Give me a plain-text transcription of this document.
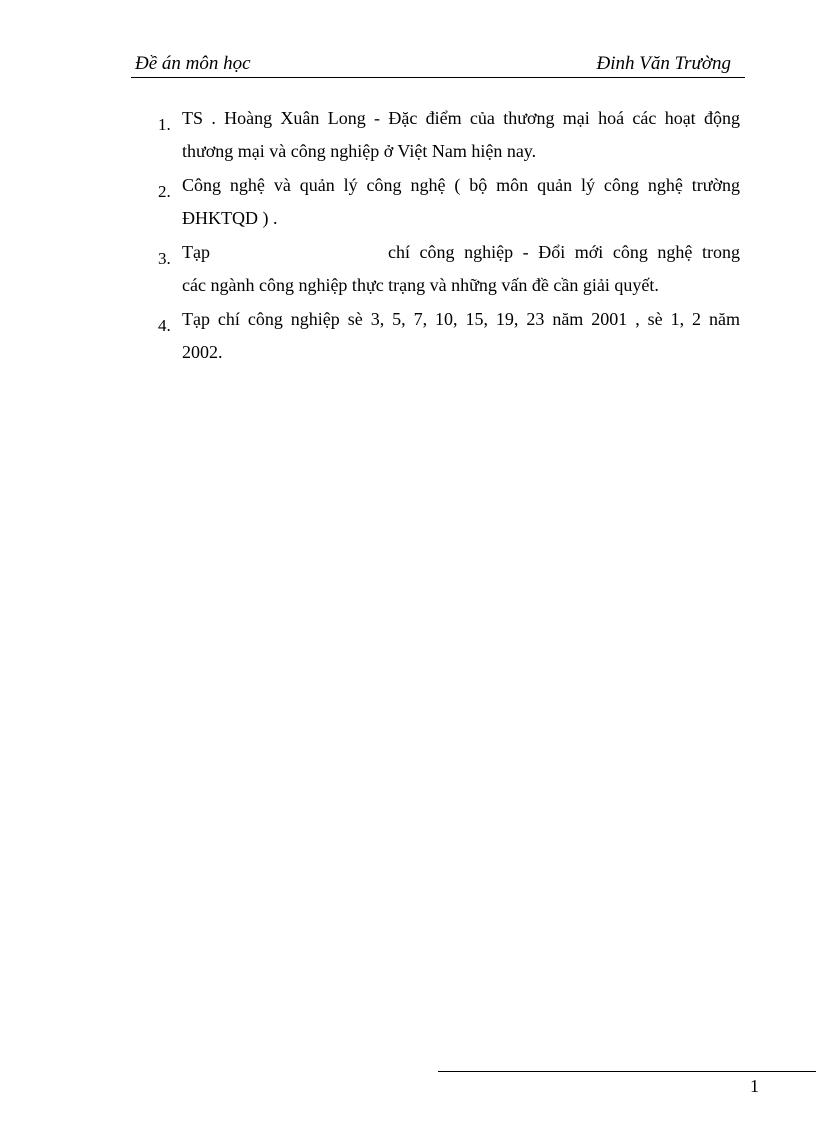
Đề án môn học	Đinh Văn Trường
1. TS . Hoàng Xuân Long - Đặc điểm của thương mại hoá các hoạt động
thương mại và công nghiệp ở Việt Nam hiện nay.
2. Công nghệ và quản lý công nghệ ( bộ môn quản lý công nghệ trường
ĐHKTQD ) .
3. Tạp	chí công nghiệp - Đổi mới công nghệ trong
các ngành công nghiệp thực trạng và những vấn đề cần giải quyết.
4. Tạp chí công nghiệp sè 3, 5, 7, 10, 15, 19, 23 năm 2001 , sè 1, 2 năm
2002.
1
